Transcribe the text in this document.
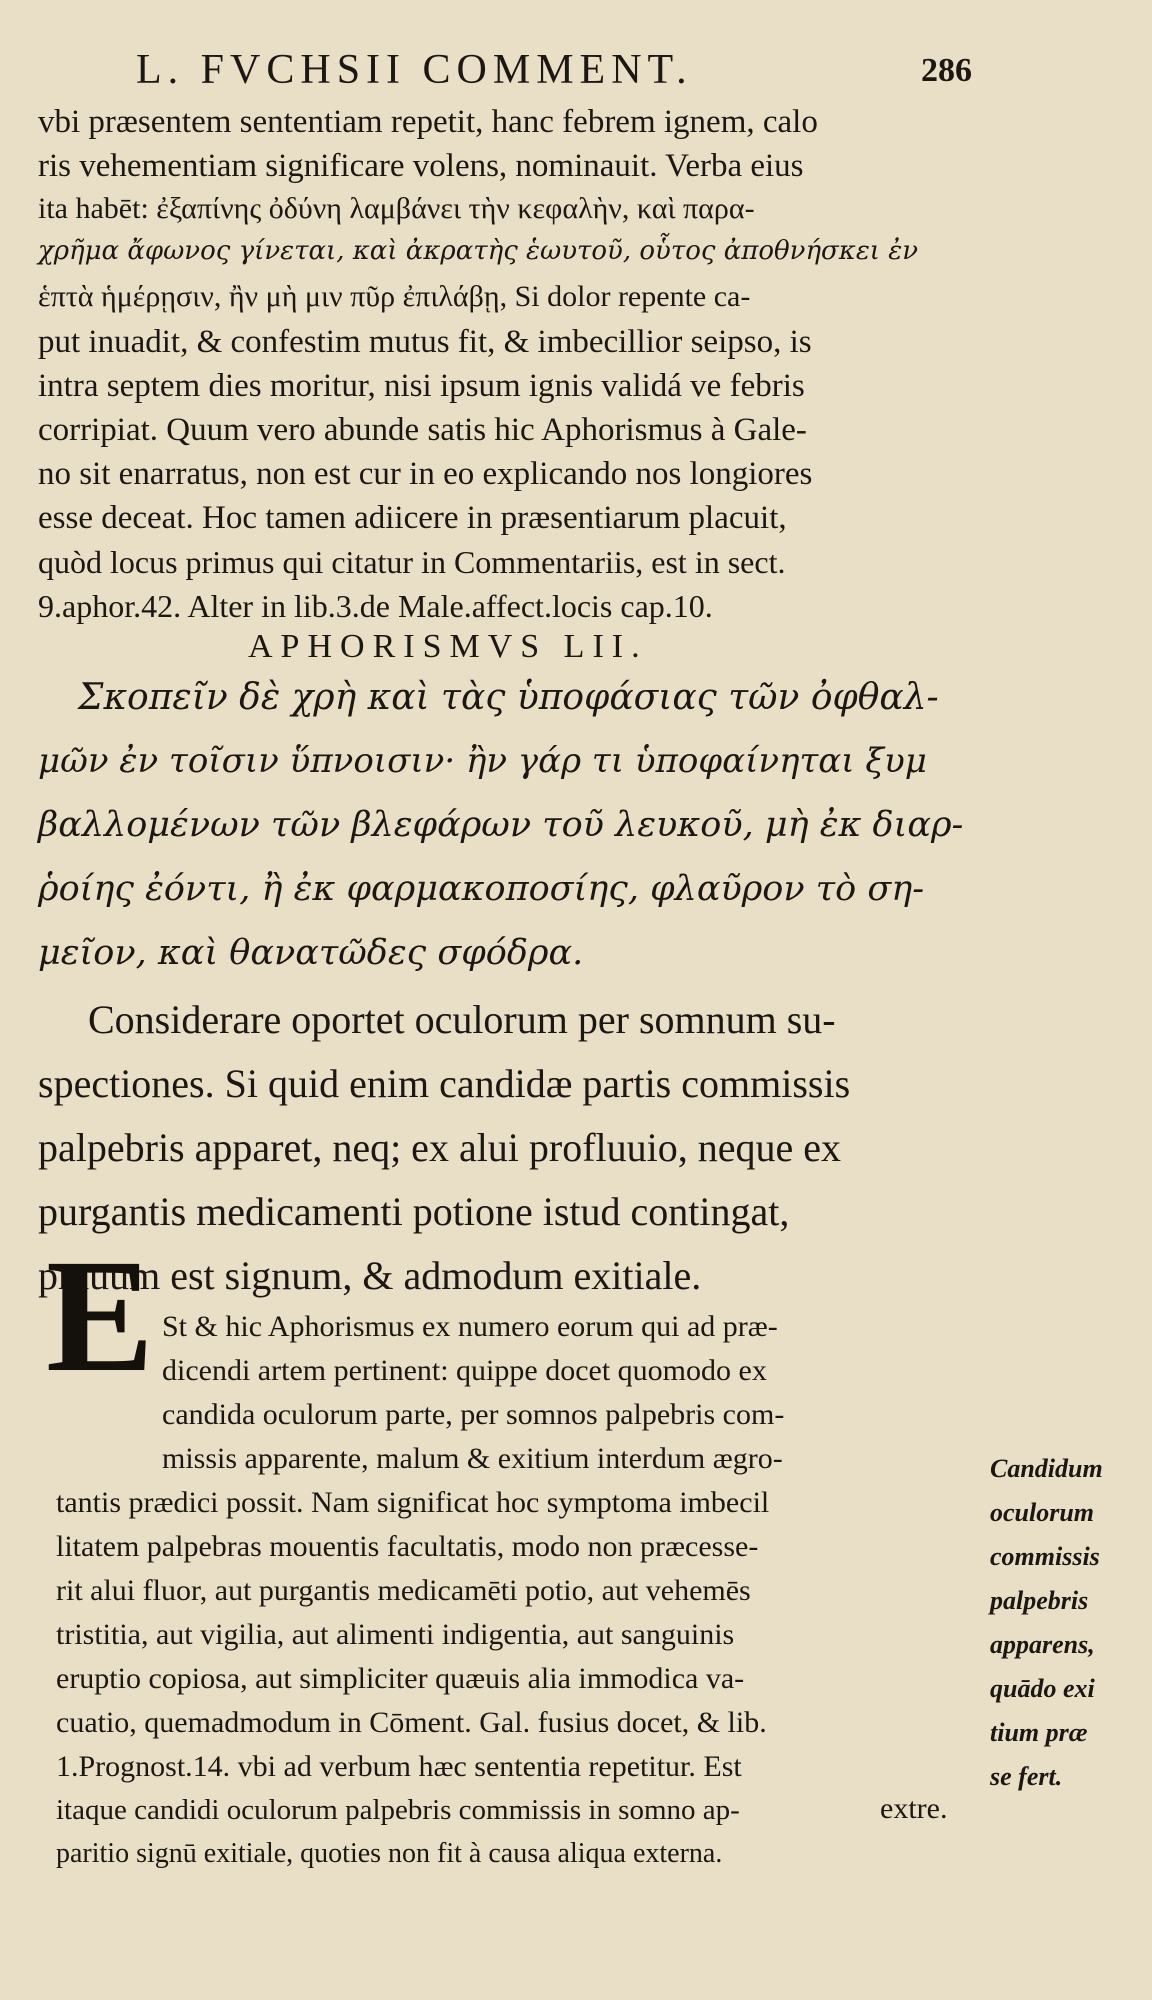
L. FVCHSII COMMENT.	286
vbi præsentem sententiam repetit, hanc febrem ignem, calo
ris vehementiam significare volens, nominauit. Verba eius
ita habēt: ἐξαπίνης ὀδύνη λαμβάνει τὴν κεφαλὴν, καὶ παρα-
χρῆμα ἄφωνος γίνεται, καὶ ἀκρατὴς ἑωυτοῦ, οὗτος ἀποθνήσκει ἐν
ἑπτὰ ἡμέρῃσιν, ἢν μὴ μιν πῦρ ἐπιλάβῃ, Si dolor repente ca-
put inuadit, & confestim mutus fit, & imbecillior seipso, is
intra septem dies moritur, nisi ipsum ignis validá ve febris
corripiat. Quum vero abunde satis hic Aphorismus à Gale-
no sit enarratus, non est cur in eo explicando nos longiores
esse deceat. Hoc tamen adiicere in præsentiarum placuit,
quòd locus primus qui citatur in Commentariis, est in sect.
9.aphor.42. Alter in lib.3.de Male.affect.locis cap.10.
APHORISMVS LII.
Σκοπεῖν δὲ χρὴ καὶ τὰς ὑποφάσιας τῶν ὀφθαλ-
μῶν ἐν τοῖσιν ὕπνοισιν· ἢν γάρ τι ὑποφαίνηται ξυμ
βαλλομένων τῶν βλεφάρων τοῦ λευκοῦ, μὴ ἐκ διαρ-
ῥοίης ἐόντι, ἢ ἐκ φαρμακοποσίης, φλαῦρον τὸ ση-
μεῖον, καὶ θανατῶδες σφόδρα.
Considerare oportet oculorum per somnum su-
spectiones. Si quid enim candidæ partis commissis
palpebris apparet, neq; ex alui profluuio, neque ex
purgantis medicamenti potione istud contingat,
prauum est signum, & admodum exitiale.
E St & hic Aphorismus ex numero eorum qui ad præ-
dicendi artem pertinent: quippe docet quomodo ex
candida oculorum parte, per somnos palpebris com-
missis apparente, malum & exitium interdum ægro-
tantis prædici possit. Nam significat hoc symptoma imbecil
litatem palpebras mouentis facultatis, modo non præcesse-
rit alui fluor, aut purgantis medicamēti potio, aut vehemēs
tristitia, aut vigilia, aut alimenti indigentia, aut sanguinis
eruptio copiosa, aut simpliciter quæuis alia immodica va-
cuatio, quemadmodum in Cōment. Gal. fusius docet, & lib.
1.Prognost.14. vbi ad verbum hæc sententia repetitur. Est
itaque candidi oculorum palpebris commissis in somno ap-
paritio signū exitiale, quoties non fit à causa aliqua externa.
Candidum
oculorum
commissis
palpebris
apparens,
quādo exi
tium præ
se fert.
extre.
